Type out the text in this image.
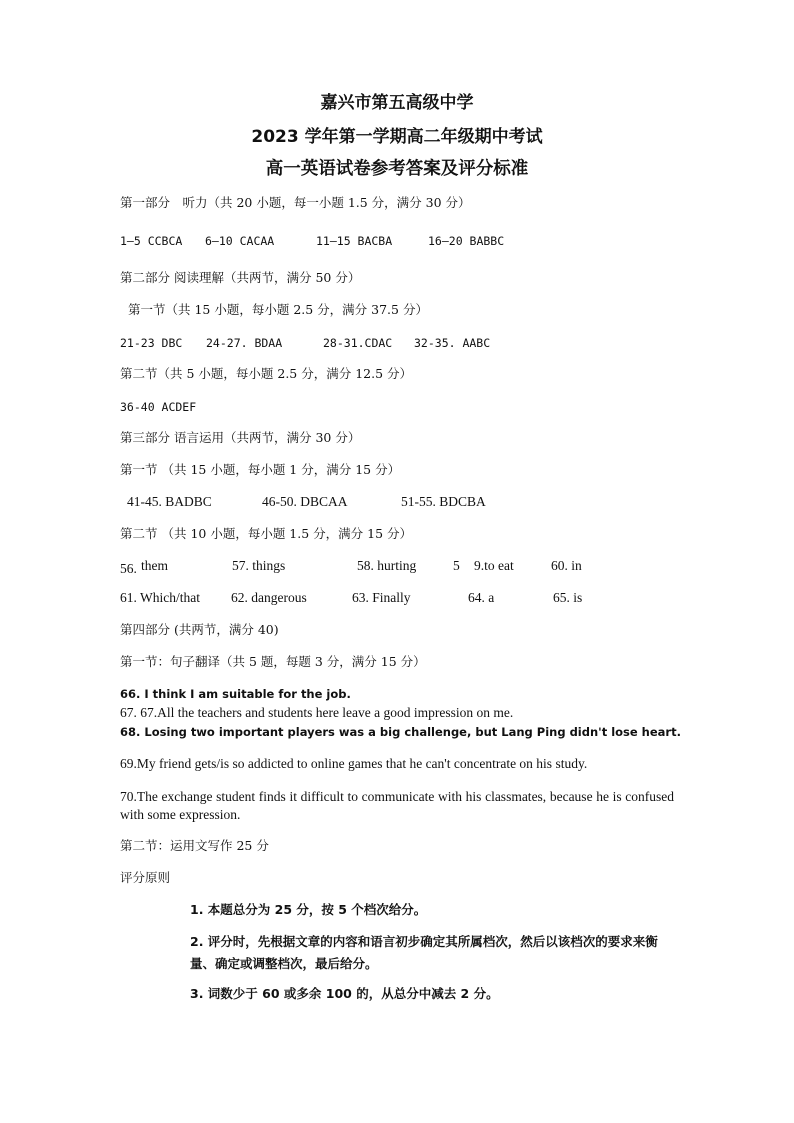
嘉兴市第五高级中学
2023 学年第一学期高二年级期中考试
高一英语试卷参考答案及评分标准
第一部分　听力（共 20 小题，每一小题 1.5 分，满分 30 分）
1—5 CCBCA 6—10 CACAA	11—15 BACBA	16—20 BABBC
第二部分 阅读理解（共两节，满分 50 分）
第一节（共 15 小题，每小题 2.5 分，满分 37.5 分）
21-23 DBC 24-27. BDAA	28-31.CDAC 32-35. AABC
第二节（共 5 小题，每小题 2.5 分，满分 12.5 分）
36-40 ACDEF
第三部分 语言运用（共两节，满分 30 分）
第一节 （共 15 小题，每小题 1 分，满分 15 分）
41-45. BADBC	46-50. DBCAA	51-55. BDCBA
第二节 （共 10 小题，每小题 1.5 分，满分 15 分）
56. them	57. things	58. hurting	5 9.to eat	60. in
61. Which/that 62. dangerous	63. Finally	64. a	65. is
第四部分 (共两节，满分 40)
第一节：句子翻译（共 5 题，每题 3 分，满分 15 分）
66. I think I am suitable for the job.
67. 67.All the teachers and students here leave a good impression on me.
68. Losing two important players was a big challenge, but Lang Ping didn't lose heart.
69.My friend gets/is so addicted to online games that he can't concentrate on his study.
70.The exchange student finds it difficult to communicate with his classmates, because he is confused with some expression.
第二节：运用文写作 25 分
评分原则
1. 本题总分为 25 分，按 5 个档次给分。
2. 评分时，先根据文章的内容和语言初步确定其所属档次，然后以该档次的要求来衡量、确定或调整档次，最后给分。
3. 词数少于 60 或多余 100 的，从总分中减去 2 分。
